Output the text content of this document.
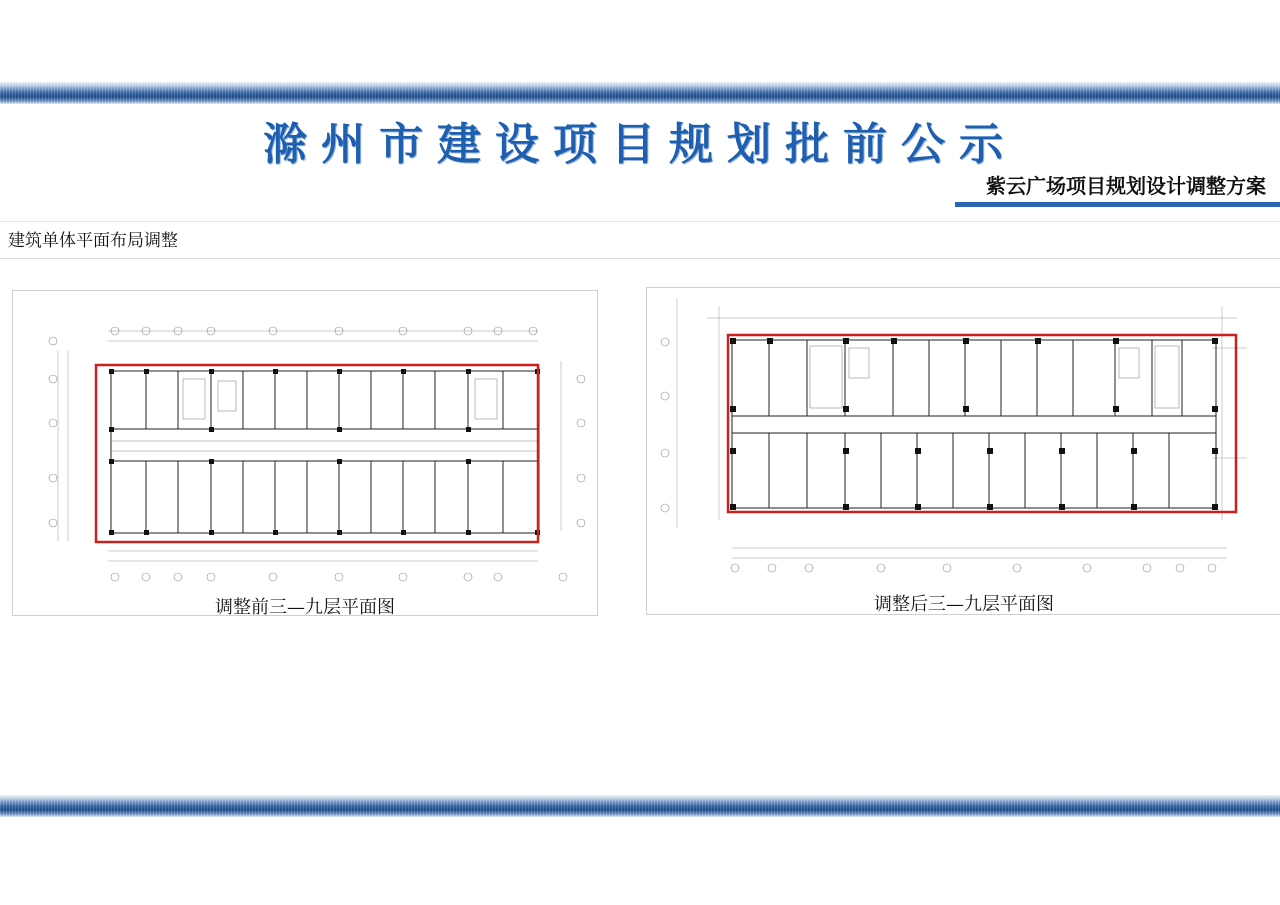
滁州市建设项目规划批前公示
紫云广场项目规划设计调整方案
建筑单体平面布局调整
调整前三—九层平面图	调整后三—九层平面图
